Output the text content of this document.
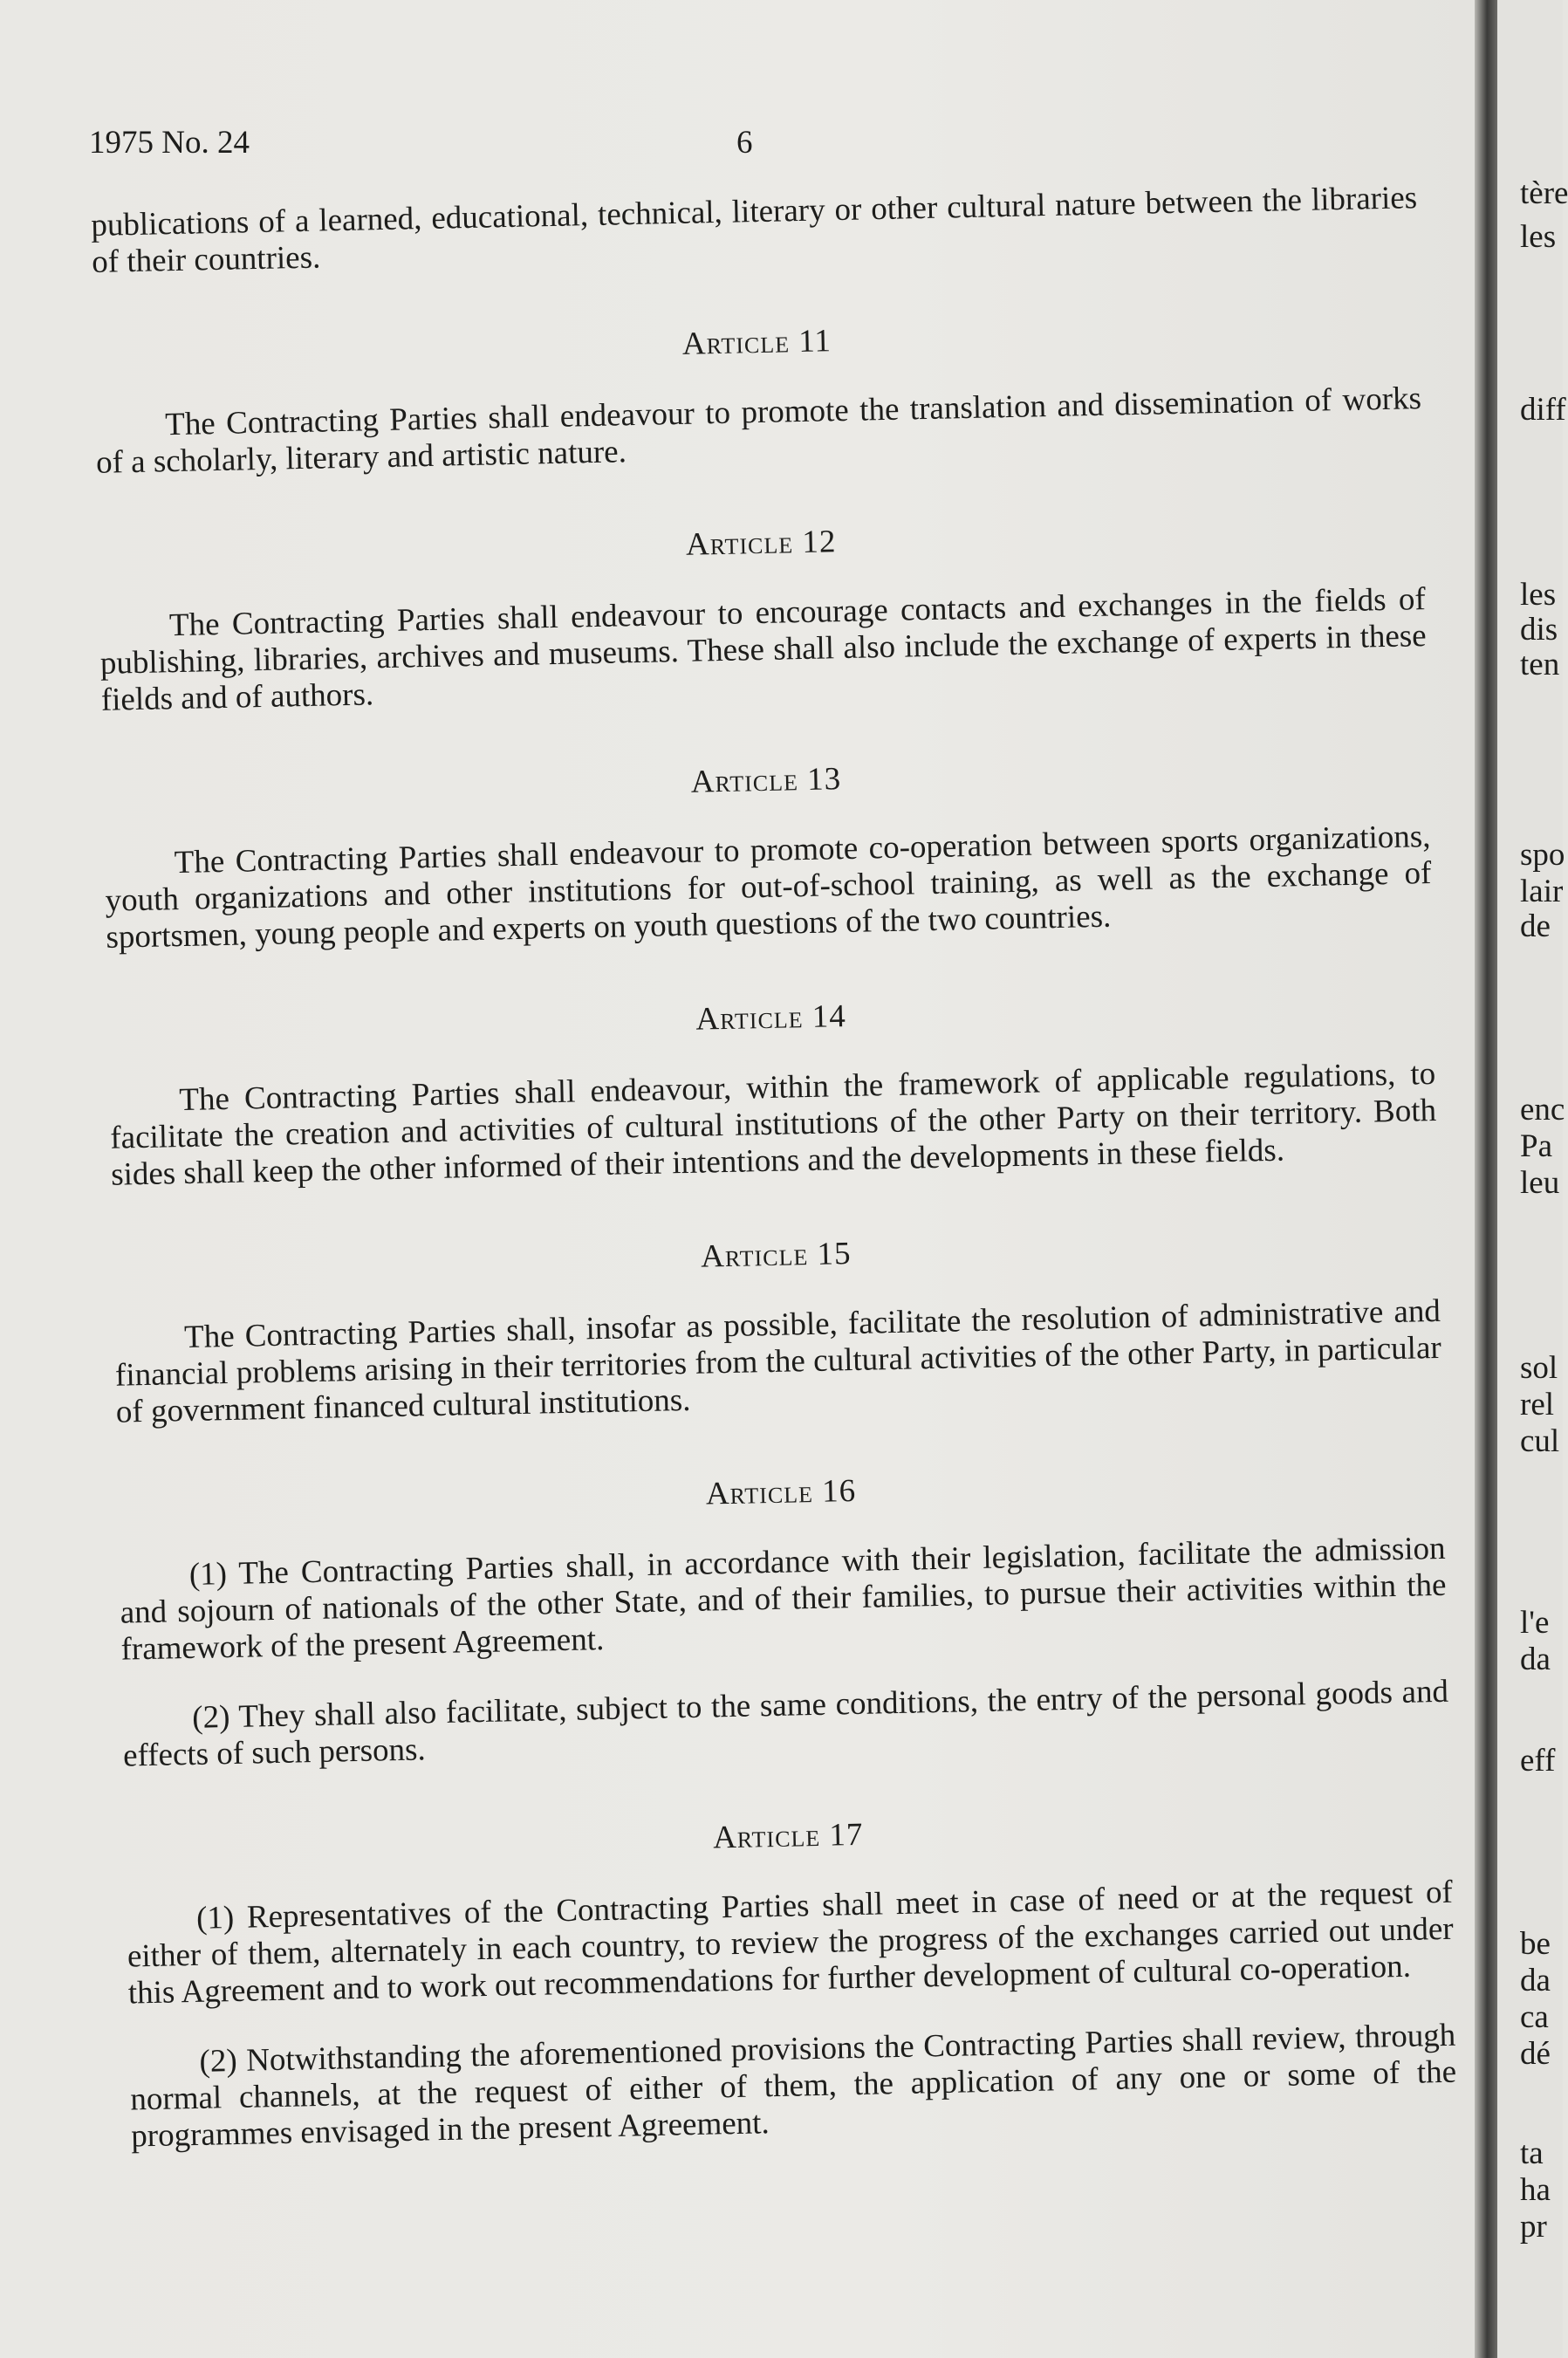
1975 No. 24	6

publications of a learned, educational, technical, literary or other cultural nature between the libraries of their countries.

Article 11

The Contracting Parties shall endeavour to promote the translation and dissemination of works of a scholarly, literary and artistic nature.

Article 12

The Contracting Parties shall endeavour to encourage contacts and exchanges in the fields of publishing, libraries, archives and museums. These shall also include the exchange of experts in these fields and of authors.

Article 13

The Contracting Parties shall endeavour to promote co-operation between sports organizations, youth organizations and other institutions for out-of-school training, as well as the exchange of sportsmen, young people and experts on youth questions of the two countries.

Article 14

The Contracting Parties shall endeavour, within the framework of applicable regulations, to facilitate the creation and activities of cultural institutions of the other Party on their territory. Both sides shall keep the other informed of their intentions and the developments in these fields.

Article 15

The Contracting Parties shall, insofar as possible, facilitate the resolution of administrative and financial problems arising in their territories from the cultural activities of the other Party, in particular of government financed cultural institutions.

Article 16

(1) The Contracting Parties shall, in accordance with their legislation, facilitate the admission and sojourn of nationals of the other State, and of their families, to pursue their activities within the framework of the present Agreement.

(2) They shall also facilitate, subject to the same conditions, the entry of the personal goods and effects of such persons.

Article 17

(1) Representatives of the Contracting Parties shall meet in case of need or at the request of either of them, alternately in each country, to review the progress of the exchanges carried out under this Agreement and to work out recommendations for further development of cultural co-operation.

(2) Notwithstanding the aforementioned provisions the Contracting Parties shall review, through normal channels, at the request of either of them, the application of any one or some of the programmes envisaged in the present Agreement.

tère
les
diff
les
dis
ten
spo
lair
de
enc
Pa
leu
sol
rel
cul
l'e
da
eff
be
da
ca
dé
ta
ha
pr
